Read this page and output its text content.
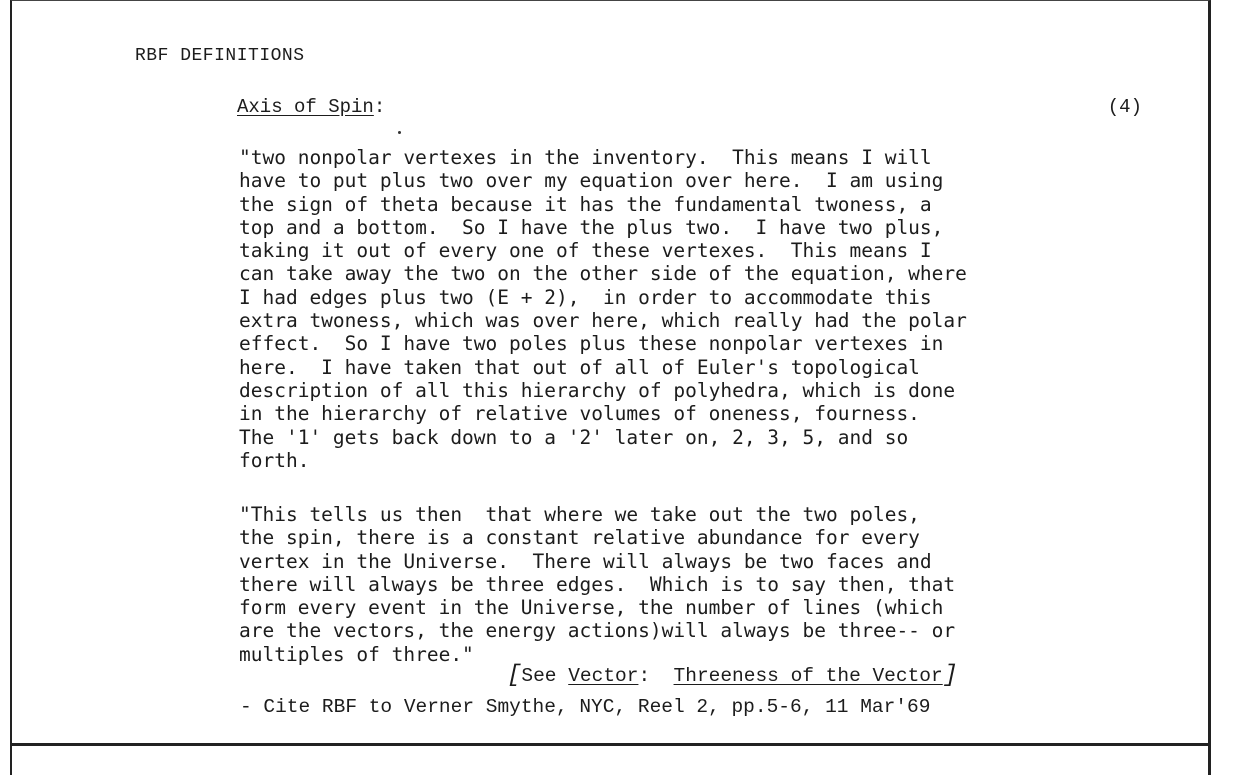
RBF DEFINITIONS
Axis of Spin:	(4)
"two nonpolar vertexes in the inventory.  This means I will
have to put plus two over my equation over here.  I am using
the sign of theta because it has the fundamental twoness, a
top and a bottom.  So I have the plus two.  I have two plus,
taking it out of every one of these vertexes.  This means I
can take away the two on the other side of the equation, where
I had edges plus two (E + 2),  in order to accommodate this
extra twoness, which was over here, which really had the polar
effect.  So I have two poles plus these nonpolar vertexes in
here.  I have taken that out of all of Euler's topological
description of all this hierarchy of polyhedra, which is done
in the hierarchy of relative volumes of oneness, fourness.
The '1' gets back down to a '2' later on, 2, 3, 5, and so
forth.
"This tells us then  that where we take out the two poles,
the spin, there is a constant relative abundance for every
vertex in the Universe.  There will always be two faces and
there will always be three edges.  Which is to say then, that
form every event in the Universe, the number of lines (which
are the vectors, the energy actions)will always be three-- or
multiples of three."
[See Vector:  Threeness of the Vector]
- Cite RBF to Verner Smythe, NYC, Reel 2, pp.5-6, 11 Mar'69
